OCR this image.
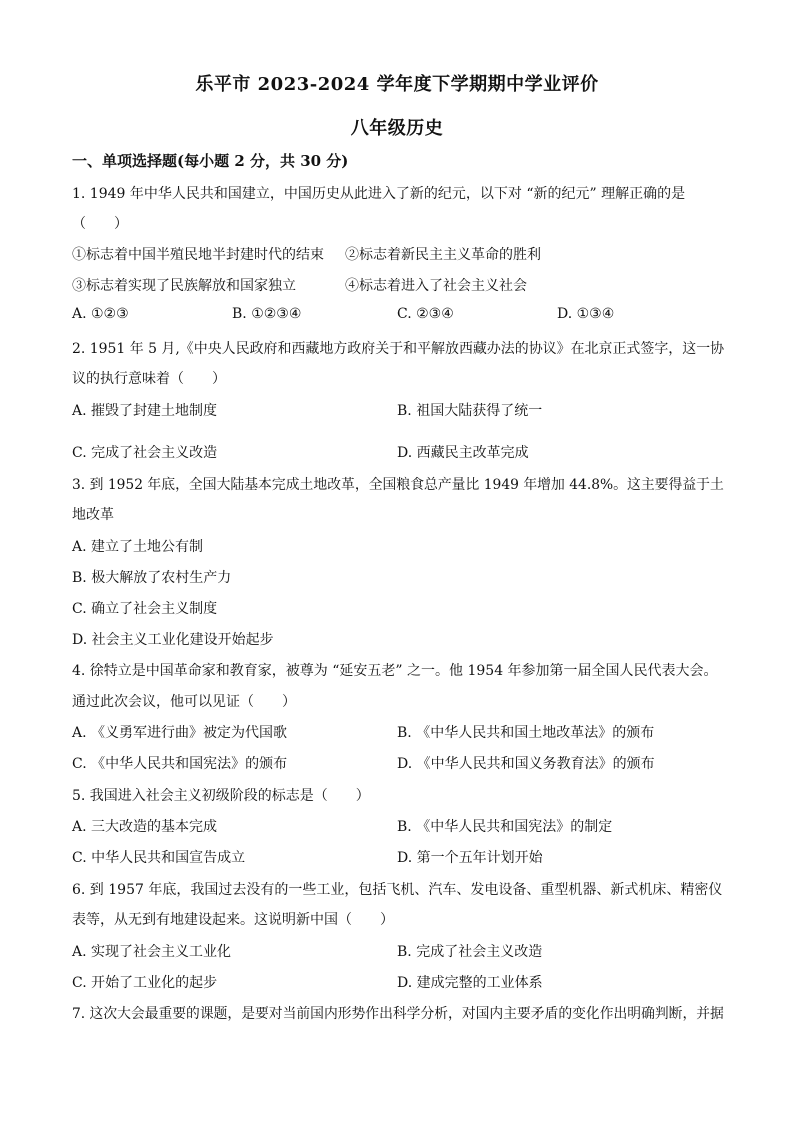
乐平市 2023-2024 学年度下学期期中学业评价
八年级历史
一、单项选择题(每小题 2 分，共 30 分)
1. 1949 年中华人民共和国建立，中国历史从此进入了新的纪元，以下对 “新的纪元” 理解正确的是
（　　）
①标志着中国半殖民地半封建时代的结束 ②标志着新民主主义革命的胜利
③标志着实现了民族解放和国家独立	④标志着进入了社会主义社会
A. ①②③	B. ①②③④	C. ②③④	D. ①③④
2. 1951 年 5 月,《中央人民政府和西藏地方政府关于和平解放西藏办法的协议》在北京正式签字，这一协
议的执行意味着（　　）
A. 摧毁了封建土地制度	B. 祖国大陆获得了统一
C. 完成了社会主义改造	D. 西藏民主改革完成
3. 到 1952 年底，全国大陆基本完成土地改革，全国粮食总产量比 1949 年增加 44.8%。这主要得益于土
地改革
A. 建立了土地公有制
B. 极大解放了农村生产力
C. 确立了社会主义制度
D. 社会主义工业化建设开始起步
4. 徐特立是中国革命家和教育家，被尊为 “延安五老” 之一。他 1954 年参加第一届全国人民代表大会。
通过此次会议，他可以见证（　　）
A. 《义勇军进行曲》被定为代国歌	B. 《中华人民共和国土地改革法》的颁布
C. 《中华人民共和国宪法》的颁布	D. 《中华人民共和国义务教育法》的颁布
5. 我国进入社会主义初级阶段的标志是（　　）
A. 三大改造的基本完成	B. 《中华人民共和国宪法》的制定
C. 中华人民共和国宣告成立	D. 第一个五年计划开始
6. 到 1957 年底，我国过去没有的一些工业，包括飞机、汽车、发电设备、重型机器、新式机床、精密仪
表等，从无到有地建设起来。这说明新中国（　　）
A. 实现了社会主义工业化	B. 完成了社会主义改造
C. 开始了工业化的起步	D. 建成完整的工业体系
7. 这次大会最重要的课题，是要对当前国内形势作出科学分析，对国内主要矛盾的变化作出明确判断，并据
